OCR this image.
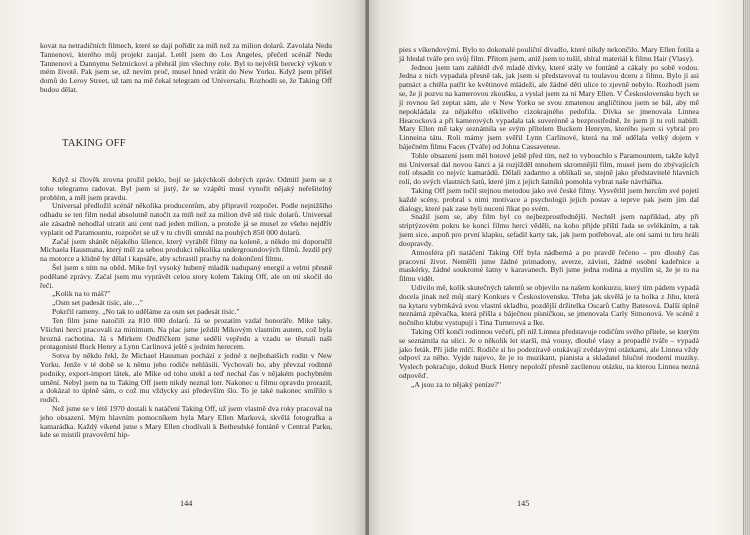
kovat na netradičních filmech, které se dají pořídit za míň než za milion dolarů. Zavolala Nedu Tannenovi, kterého můj projekt zaujal. Letěl jsem do Los Angeles, přečetl scénář Nedu Tannenovi a Dannymu Selznickovi a přehrál jim všechny role. Byl to největší herecký výkon v mém životě. Pak jsem se, už nevím proč, musel hned vrátit do New Yorku. Když jsem přišel domů do Leroy Street, už tam na mě čekal telegram od Universalu. Rozhodli se, že Taking Off budou dělat.

TAKING OFF

Když si člověk zrovna prožil peklo, bojí se jakýchkoli dobrých zpráv. Odmítl jsem se z toho telegramu radovat. Byl jsem si jistý, že se vzápětí musí vynořit nějaký neřešitelný problém, a měl jsem pravdu.

Universal předložil scénář několika producentům, aby připravil rozpočet. Podle nejnižšího odhadu se ten film nedal absolutně natočit za míň než za milion dvě stě tisíc dolarů. Universal ale zásadně nehodlal utratit ani cent nad jeden milion, a protože já se musel ze všeho nejdřív vyplatit od Paramountu, rozpočet se už v tu chvíli smrskl na pouhých 850 000 dolarů.

Začal jsem shánět nějakého šílence, který vyráběl filmy na koleně, a někdo mi doporučil Michaela Hausmana, který měl za sebou produkci několika undergroundových filmů. Jezdil prý na motorce a klidně by dělal i kapsáře, aby schrastil prachy na dokončení filmu.

Šel jsem s ním na oběd. Mike byl vysoký hubený mladík nadupaný energií a velmi přesně podělané zprávy. Začal jsem mu vyprávět celou story kolem Taking Off, ale on mi skočil do řeči.

„Kolik na to máš?"

„Osm set padesát tisíc, ale…"

Pokrčil rameny. „No tak to uděláme za osm set padesát tisíc."

Ten film jsme natočili za 810 000 dolarů. Já se prozatím vzdal honoráře. Mike taky. Všichni herci pracovali za minimum. Na plac jsme ježdili Mikovým vlastním autem, což byla hrozná rachotina. Já s Mirkem Ondříčkem jsme seděli vepředu a vzadu se těsnali naši protagonisté Buck Henry a Lynn Carlinová ještě s jedním herecem.

Sotva by někdo řekl, že Michael Hausman pochází z jedné z nejbohatších rodin v New Yorku. Jenže v té době se k němu jeho rodiče nehlásili. Vychovali ho, aby převzal rodinné podniky, export-import látek, ale Mike od toho utekl a teď nechal čas v nějakém pochybném umění. Nebyl jsem na tu Taking Off jsem nikdy neznal lotr. Nakonec u filmu opravdu prorazil, a dokázal to úplně sám, o což mu vždycky asi především šlo. To je také nakonec smířilo s rodiči.

Než jsme se v létě 1970 dostali k natáčení Taking Off, už jsem vlastně dva roky pracoval na jeho obsazení. Mým hlavním pomocníkem byla Mary Ellen Marková, skvělá fotografka a kamarádka. Každý víkend jsme s Mary Ellen chodívali k Bethesdské fontáně v Central Parku, kde se místili pravověrní hip-

144

pies s víkendovými. Bylo to dokonalé pouliční divadlo, které nikdy nekončilo. Mary Ellen fotila a já hledal tváře pro svůj film. Přitom jsem, aniž jsem to tušil, sbíral materiál k filmu Hair (Vlasy).

Jednou jsem tam zahlédl dvě mladé dívky, které stály ve fontáně a cákaly po sobě vodou. Jedna z nich vypadala přesně tak, jak jsem si představoval tu toulavou dceru z filmu. Bylo jí asi patnáct a chtěla patřit ke květinové mládeži, ale žádné děti ulice to zjevně nebylo. Rozhodl jsem se, že ji pozvu na kamerovou zkoušku, a vyslal jsem za ní Mary Ellen. V Československu bych se jí rovnou šel zeptat sám, ale v New Yorku se svou zmatenou angličtinou jsem se bál, aby mě nepokládala za nějakého ošklivého cizokrajného pedofila. Dívka se jmenovala Linnea Heacockovà a při kamerových vypadala tak suverénně a bezprostředně, že jsem jí tu roli nabídl. Mary Ellen mě taky seznámila se svým přítelem Buckem Henrym, kterého jsem si vybral pro Linneina tátu. Roli mámy jsem svěřil Lynn Carlinové, která na mě udělala velký dojem v báječném filmu Faces (Tváře) od Johna Cassavetese.

Tohle obsazení jsem měl hotové ještě před tím, než to vybouchlo s Paramountem, takže když mi Universal dal novou šanci a já rozjížděl mnohem skromnější film, musel jsem do zbývajících rolí obsadit co nejvíc kamarádů. Dělali zadarmo a oblíkali se, stejně jako představitelé hlavních rolí, do svých vlastních šatů, které jim z jejich šatníků pomohla vybrat naše návrhářka.

Taking Off jsem točil stejnou metodou jako své české filmy. Vysvětlil jsem hercům své pojetí každé scény, probral s nimi motivace a psychologii jejich postav a teprve pak jsem jim dal dialogy, které pak zase byli nuceni říkat po svém.

Snažil jsem se, aby film byl co nejbezprostřednější. Nechtěl jsem například, aby při striptýzovém pokru ke konci filmu herci věděli, na koho přijde příští řada se svlékáním, a tak jsem sice, aspoň pro první klapku, sefadil karty tak, jak jsem potřeboval, ale oni sami tu hru hráli doopravdy.

Atmosféra při natáčení Taking Off byla nádherná a po pravdě řečeno – pro dlouhý čas pracovní život. Nemělli jsme žádné primadony, averze, závisti, žádné osobní kadeřnice a maskérky, žádné soukromé šatny v karavanech. Byli jsme jedna rodina a myslím si, že je to na filmu vidět.

Udivilo mě, kolik skutečných talentů se objevilo na našem konkurzu, který tím pádem vypadá docela jinak než můj starý Konkurs v Československu. Třeba jak skvělá je ta holka z Jihu, která na kytaru vybrnkává svou vlastní skladbu, pozdější držitelka Oscarů Cathy Batesová. Další úplně neznámá zpěvačka, která přišla s báječnou písničkou, se jmenovala Carly Simonová. Ve scéně z nočního klubu vystupují i Tina Turnerová a Ike.

Taking Off končí rodinnou večeří, při níž Linnea představuje rodičům svého přítele, se kterým se seznámila na ulici. Je o několik let starší, má vousy, dlouhé vlasy a propadlé tváře – vypadá jako feták. Při jídle mlčí. Rodiče si ho podezíravě otukávají zvědavými otázkami, ale Linnea vždy odpoví za něho. Vyjde najevo, že je to muzikant, pianista a skladatel hlučné moderní muziky. Vyslech pokračuje, dokud Buck Henry nepoloží přesně zacílenou otázku, na kterou Linnea nezná odpověď.

„A jsou za to nějaký peníze?"

145
